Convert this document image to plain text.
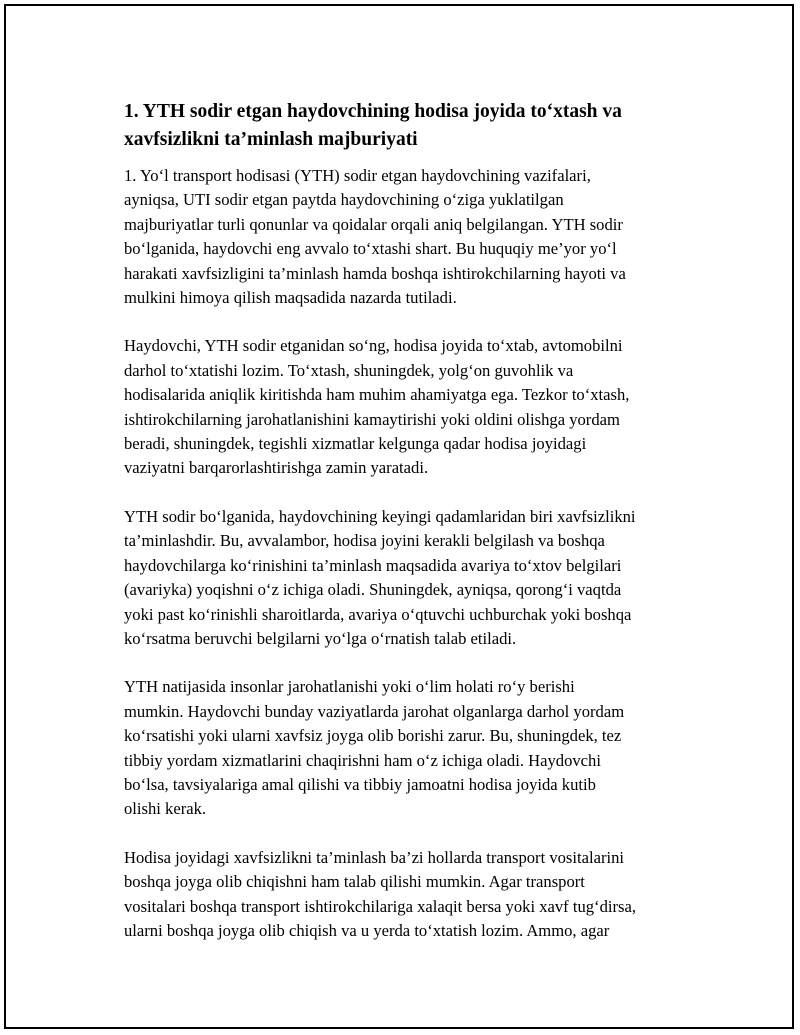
1. YTH sodir etgan haydovchining hodisa joyida to‘xtash va
xavfsizlikni ta’minlash majburiyati

1. Yo‘l transport hodisasi (YTH) sodir etgan haydovchining vazifalari,
ayniqsa, UTI sodir etgan paytda haydovchining o‘ziga yuklatilgan
majburiyatlar turli qonunlar va qoidalar orqali aniq belgilangan. YTH sodir
bo‘lganida, haydovchi eng avvalo to‘xtashi shart. Bu huquqiy me’yor yo‘l
harakati xavfsizligini ta’minlash hamda boshqa ishtirokchilarning hayoti va
mulkini himoya qilish maqsadida nazarda tutiladi.

Haydovchi, YTH sodir etganidan so‘ng, hodisa joyida to‘xtab, avtomobilni
darhol to‘xtatishi lozim. To‘xtash, shuningdek, yolg‘on guvohlik va
hodisalarida aniqlik kiritishda ham muhim ahamiyatga ega. Tezkor to‘xtash,
ishtirokchilarning jarohatlanishini kamaytirishi yoki oldini olishga yordam
beradi, shuningdek, tegishli xizmatlar kelgunga qadar hodisa joyidagi
vaziyatni barqarorlashtirishga zamin yaratadi.

YTH sodir bo‘lganida, haydovchining keyingi qadamlaridan biri xavfsizlikni
ta’minlashdir. Bu, avvalambor, hodisa joyini kerakli belgilash va boshqa
haydovchilarga ko‘rinishini ta’minlash maqsadida avariya to‘xtov belgilari
(avariyka) yoqishni o‘z ichiga oladi. Shuningdek, ayniqsa, qorong‘i vaqtda
yoki past ko‘rinishli sharoitlarda, avariya o‘qtuvchi uchburchak yoki boshqa
ko‘rsatma beruvchi belgilarni yo‘lga o‘rnatish talab etiladi.

YTH natijasida insonlar jarohatlanishi yoki o‘lim holati ro‘y berishi
mumkin. Haydovchi bunday vaziyatlarda jarohat olganlarga darhol yordam
ko‘rsatishi yoki ularni xavfsiz joyga olib borishi zarur. Bu, shuningdek, tez
tibbiy yordam xizmatlarini chaqirishni ham o‘z ichiga oladi. Haydovchi
bo‘lsa, tavsiyalariga amal qilishi va tibbiy jamoatni hodisa joyida kutib
olishi kerak.

Hodisa joyidagi xavfsizlikni ta’minlash ba’zi hollarda transport vositalarini
boshqa joyga olib chiqishni ham talab qilishi mumkin. Agar transport
vositalari boshqa transport ishtirokchilariga xalaqit bersa yoki xavf tug‘dirsa,
ularni boshqa joyga olib chiqish va u yerda to‘xtatish lozim. Ammo, agar
